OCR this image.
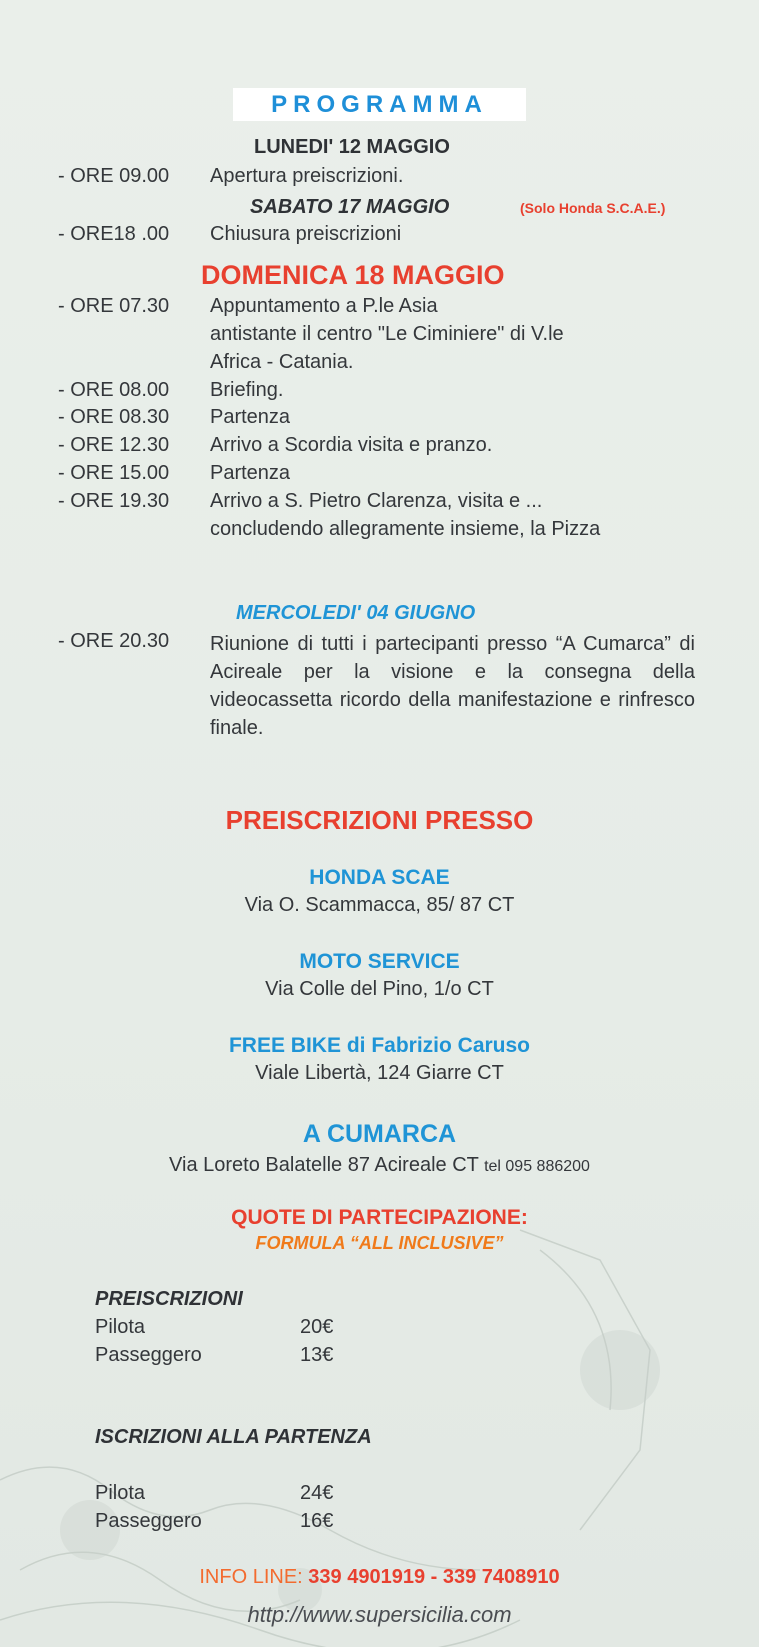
PROGRAMMA
LUNEDI' 12 MAGGIO
- ORE 09.00 Apertura preiscrizioni.
SABATO 17 MAGGIO	(Solo Honda S.C.A.E.)
- ORE18 .00 Chiusura preiscrizioni
DOMENICA 18 MAGGIO
- ORE 07.30 Appuntamento a P.le Asia
antistante il centro "Le Ciminiere" di V.le
Africa - Catania.
- ORE 08.00 Briefing.
- ORE 08.30 Partenza
- ORE 12.30 Arrivo a Scordia visita e pranzo.
- ORE 15.00 Partenza
- ORE 19.30 Arrivo a S. Pietro Clarenza, visita e ...
concludendo allegramente insieme, la Pizza
MERCOLEDI' 04 GIUGNO
- ORE 20.30 Riunione di tutti i partecipanti presso “A Cumarca” di Acireale per la visione e la consegna della videocassetta ricordo della manifestazione e rinfresco finale.
PREISCRIZIONI PRESSO
HONDA SCAE
Via O. Scammacca, 85/ 87 CT
MOTO SERVICE
Via Colle del Pino, 1/o CT
FREE BIKE di Fabrizio Caruso
Viale Libertà, 124 Giarre CT
A CUMARCA
Via Loreto Balatelle 87 Acireale CT tel 095 886200
QUOTE DI PARTECIPAZIONE:
FORMULA “ALL INCLUSIVE”
PREISCRIZIONI
Pilota	20€
Passeggero	13€
ISCRIZIONI ALLA PARTENZA
Pilota	24€
Passeggero	16€
INFO LINE: 339 4901919 - 339 7408910
http://www.supersicilia.com
